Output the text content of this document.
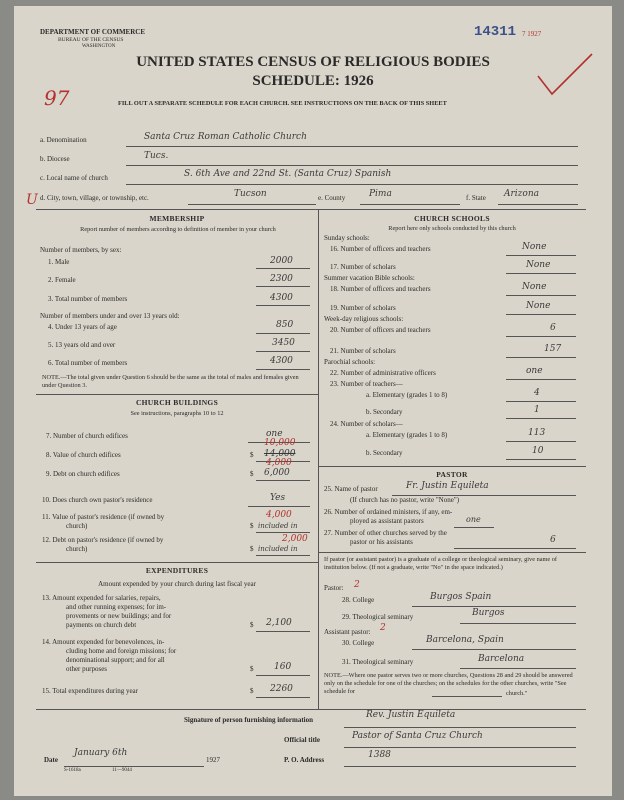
DEPARTMENT OF COMMERCE
BUREAU OF THE CENSUS
WASHINGTON
14311 7 1927
UNITED STATES CENSUS OF RELIGIOUS BODIES
SCHEDULE: 1926
97	FILL OUT A SEPARATE SCHEDULE FOR EACH CHURCH. SEE INSTRUCTIONS ON THE BACK OF THIS SHEET
a. Denomination	Santa Cruz Roman Catholic Church
b. Diocese	Tucs.
c. Local name of church	S. 6th Ave and 22nd St. (Santa Cruz) Spanish
U d. City, town, village, or township, etc.	Tucson	e. County	Pima	f. State Arizona
MEMBERSHIP
Report number of members according to definition of member in your church
Number of members, by sex:
1. Male	2000
2. Female	2300
3. Total number of members	4300
Number of members under and over 13 years old:
4. Under 13 years of age	850
5. 13 years old and over	3450
6. Total number of members	4300
NOTE.—The total given under Question 6 should be the same as the total of males and females given under Question 3.
CHURCH BUILDINGS
See instructions, paragraphs 10 to 12
7. Number of church edifices	one
8. Value of church edifices	$
10,000
14,000
9. Debt on church edifices	$
4,000
6,000
10. Does church own pastor's residence	Yes
11. Value of pastor's residence (if owned by
church)	$
4,000
included in
12. Debt on pastor's residence (if owned by
church)	$
2,000
included in
EXPENDITURES
Amount expended by your church during last fiscal year
13. Amount expended for salaries, repairs,
and other running expenses; for im-
provements or new buildings; and for
payments on church debt	$ 2,100
14. Amount expended for benevolences, in-
cluding home and foreign missions; for
denominational support; and for all
other purposes	$ 160
15. Total expenditures during year	$ 2260
CHURCH SCHOOLS
Report here only schools conducted by this church
Sunday schools:
16. Number of officers and teachers	None
17. Number of scholars	None
Summer vacation Bible schools:
18. Number of officers and teachers	None
19. Number of scholars	None
Week-day religious schools:
20. Number of officers and teachers	6
21. Number of scholars	157
Parochial schools:
22. Number of administrative officers	one
23. Number of teachers—
a. Elementary (grades 1 to 8)	4
b. Secondary	1
24. Number of scholars—
a. Elementary (grades 1 to 8)	113
b. Secondary	10
PASTOR
25. Name of pastor	Fr. Justin Equileta
(If church has no pastor, write "None")
26. Number of ordained ministers, if any, em-
ployed as assistant pastors	one
27. Number of other churches served by the
pastor or his assistants	6
If pastor (or assistant pastor) is a graduate of a college or theological seminary, give name of institution below. (If not a graduate, write "No" in the space indicated.)
Pastor: 2
28. College	Burgos Spain
29. Theological seminary	Burgos
Assistant pastor: 2
30. College	Barcelona, Spain
31. Theological seminary	Barcelona
NOTE.—Where one pastor serves two or more churches, Questions 28 and 29 should be answered only on the schedule for one of the churches; on the schedules for the other churches, write "See schedule for	church."
Signature of person furnishing information	Rev. Justin Equileta
Official title	Pastor of Santa Cruz Church
Date
January 6th
1927	P. O. Address	1388
S-1618a	11—9044
